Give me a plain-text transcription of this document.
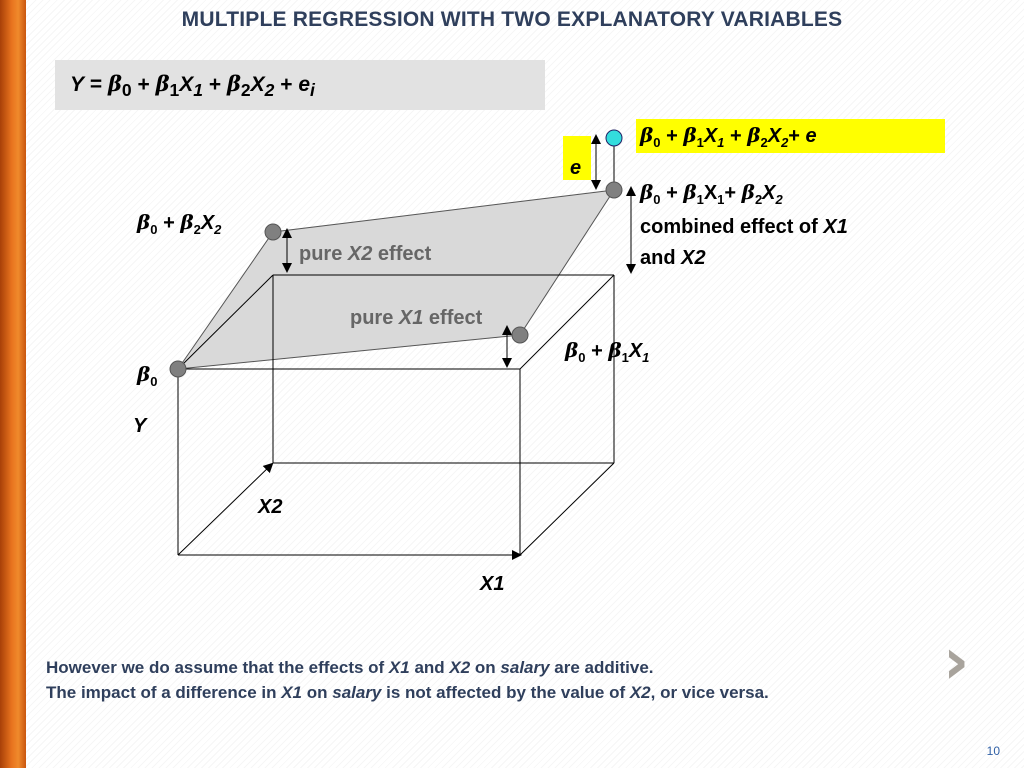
MULTIPLE REGRESSION WITH TWO EXPLANATORY VARIABLES
$Y = \beta_0 + \beta_1X_1 + \beta_2X_2 + e_i$
$\beta_0 + \beta_1X_1 + \beta_2X_2+ e$
e
$\beta_0 + \beta_1X_1+ \beta_2X_2$
combined effect of X1
and X2
$\beta_0 + \beta_2X_2$
pure X2 effect
pure X1 effect
$\beta_0 + \beta_1X_1$
$\beta_0$
Y
X2
X1
›
However we do assume that the effects of X1 and X2 on salary are additive.
The impact of a difference in X1 on salary is not affected by the value of X2, or vice versa.
10
